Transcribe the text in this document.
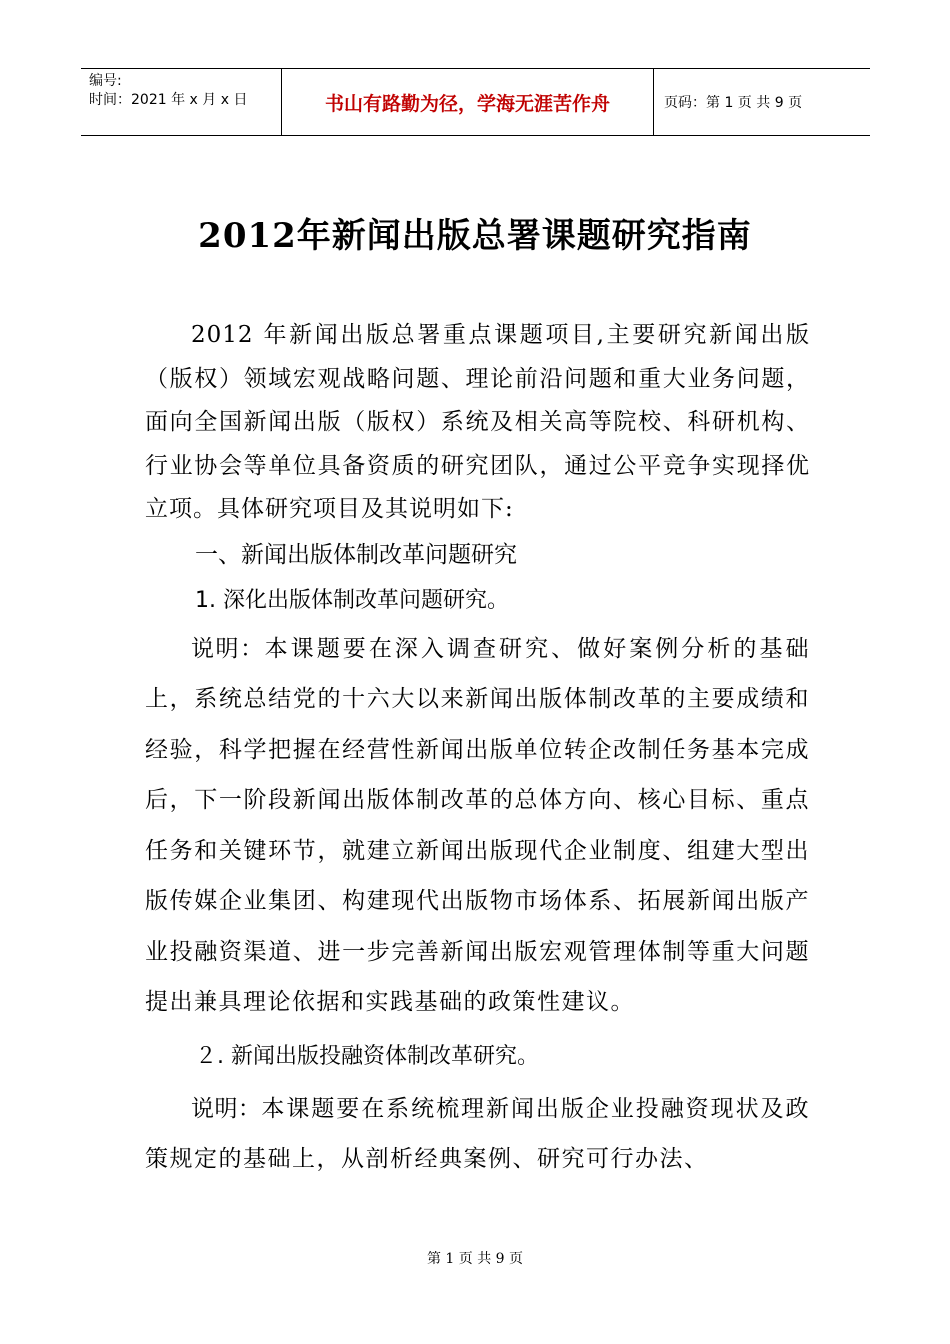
编号:
时间：2021 年 x 月 x 日	书山有路勤为径，学海无涯苦作舟	页码：第 1 页 共 9 页
2012年新闻出版总署课题研究指南

2012 年新闻出版总署重点课题项目,主要研究新闻出版（版权）领域宏观战略问题、理论前沿问题和重大业务问题，面向全国新闻出版（版权）系统及相关高等院校、科研机构、行业协会等单位具备资质的研究团队，通过公平竞争实现择优立项。具体研究项目及其说明如下:

一、新闻出版体制改革问题研究

1. 深化出版体制改革问题研究。

说明：本课题要在深入调查研究、做好案例分析的基础上，系统总结党的十六大以来新闻出版体制改革的主要成绩和经验，科学把握在经营性新闻出版单位转企改制任务基本完成后，下一阶段新闻出版体制改革的总体方向、核心目标、重点任务和关键环节，就建立新闻出版现代企业制度、组建大型出版传媒企业集团、构建现代出版物市场体系、拓展新闻出版产业投融资渠道、进一步完善新闻出版宏观管理体制等重大问题提出兼具理论依据和实践基础的政策性建议。

２. 新闻出版投融资体制改革研究。

说明：本课题要在系统梳理新闻出版企业投融资现状及政策规定的基础上，从剖析经典案例、研究可行办法、

第 1 页 共 9 页
